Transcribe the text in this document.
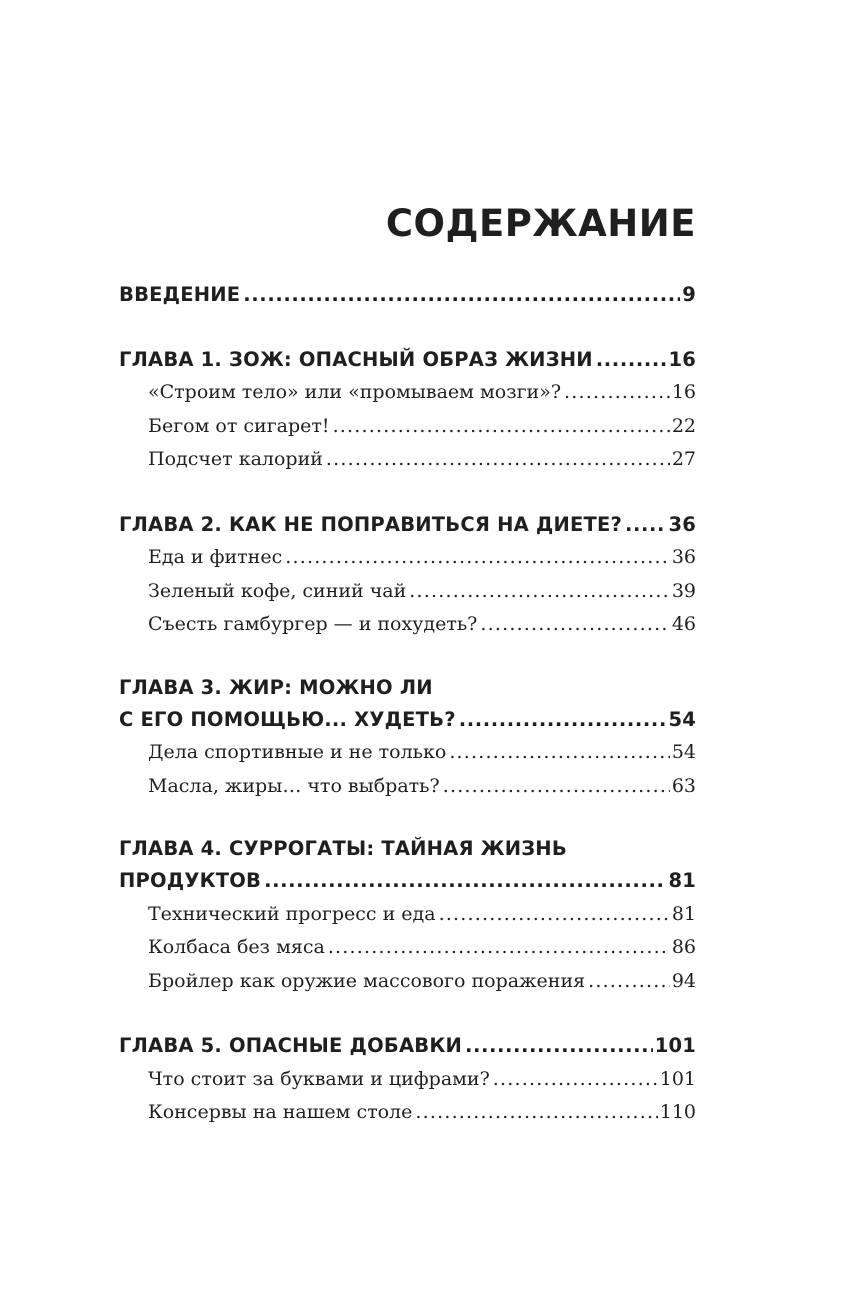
СОДЕРЖАНИЕ
ВВЕДЕНИЕ .....	9
ГЛАВА 1. ЗОЖ: ОПАСНЫЙ ОБРАЗ ЖИЗНИ .....	16
«Строим тело» или «промываем мозги»? .....	16
Бегом от сигарет! .....	22
Подсчет калорий .....	27
ГЛАВА 2. КАК НЕ ПОПРАВИТЬСЯ НА ДИЕТЕ? ..... 36
Еда и фитнес .....	36
Зеленый кофе, синий чай .....	39
Съесть гамбургер — и похудеть? .....	46
ГЛАВА 3. ЖИР: МОЖНО ЛИ
С ЕГО ПОМОЩЬЮ... ХУДЕТЬ? .....	54
Дела спортивные и не только .....	54
Масла, жиры… что выбрать? .....	63
ГЛАВА 4. СУРРОГАТЫ: ТАЙНАЯ ЖИЗНЬ
ПРОДУКТОВ .....	81
Технический прогресс и еда .....	81
Колбаса без мяса .....	86
Бройлер как оружие массового поражения .....	94
ГЛАВА 5. ОПАСНЫЕ ДОБАВКИ .....	101
Что стоит за буквами и цифрами? .....	101
Консервы на нашем столе .....	110
